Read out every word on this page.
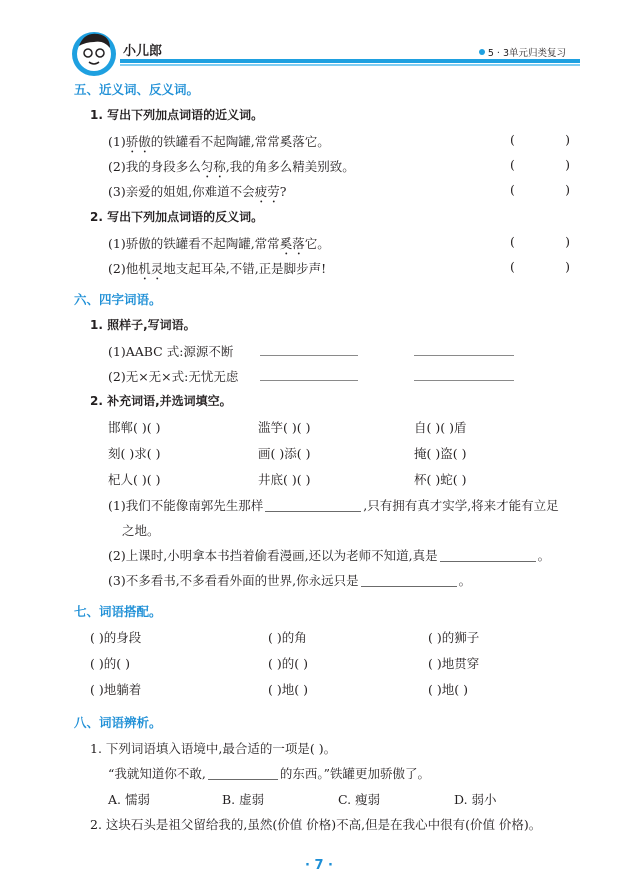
小儿郎	5 · 3单元归类复习
五、近义词、反义词。
1. 写出下列加点词语的近义词。
(1)骄傲的铁罐看不起陶罐,常常奚落它。	(	)
(2)我的身段多么匀称,我的角多么精美别致。	(	)
(3)亲爱的姐姐,你难道不会疲劳?	(	)
2. 写出下列加点词语的反义词。
(1)骄傲的铁罐看不起陶罐,常常奚落它。	(	)
(2)他机灵地支起耳朵,不错,正是脚步声!	(	)
六、四字词语。
1. 照样子,写词语。
(1)AABC 式:源源不断
(2)无×无×式:无忧无虑
2. 补充词语,并选词填空。
邯郸( )( )	滥竽( )( )	自( )( )盾
刻( )求( )	画( )添( )	掩( )盗( )
杞人( )( )	井底( )( )	杯( )蛇( )
(1)我们不能像南郭先生那样	,只有拥有真才实学,将来才能有立足
之地。
(2)上课时,小明拿本书挡着偷看漫画,还以为老师不知道,真是	。
(3)不多看书,不多看看外面的世界,你永远只是	。
七、词语搭配。
( )的身段	( )的角	( )的狮子
( )的( )	( )的( )	( )地贯穿
( )地躺着	( )地( )	( )地( )
八、词语辨析。
1. 下列词语填入语境中,最合适的一项是( )。
“我就知道你不敢,	的东西。”铁罐更加骄傲了。
A. 懦弱	B. 虚弱	C. 瘦弱	D. 弱小
2. 这块石头是祖父留给我的,虽然(价值 价格)不高,但是在我心中很有(价值 价格)。
· 7 ·
